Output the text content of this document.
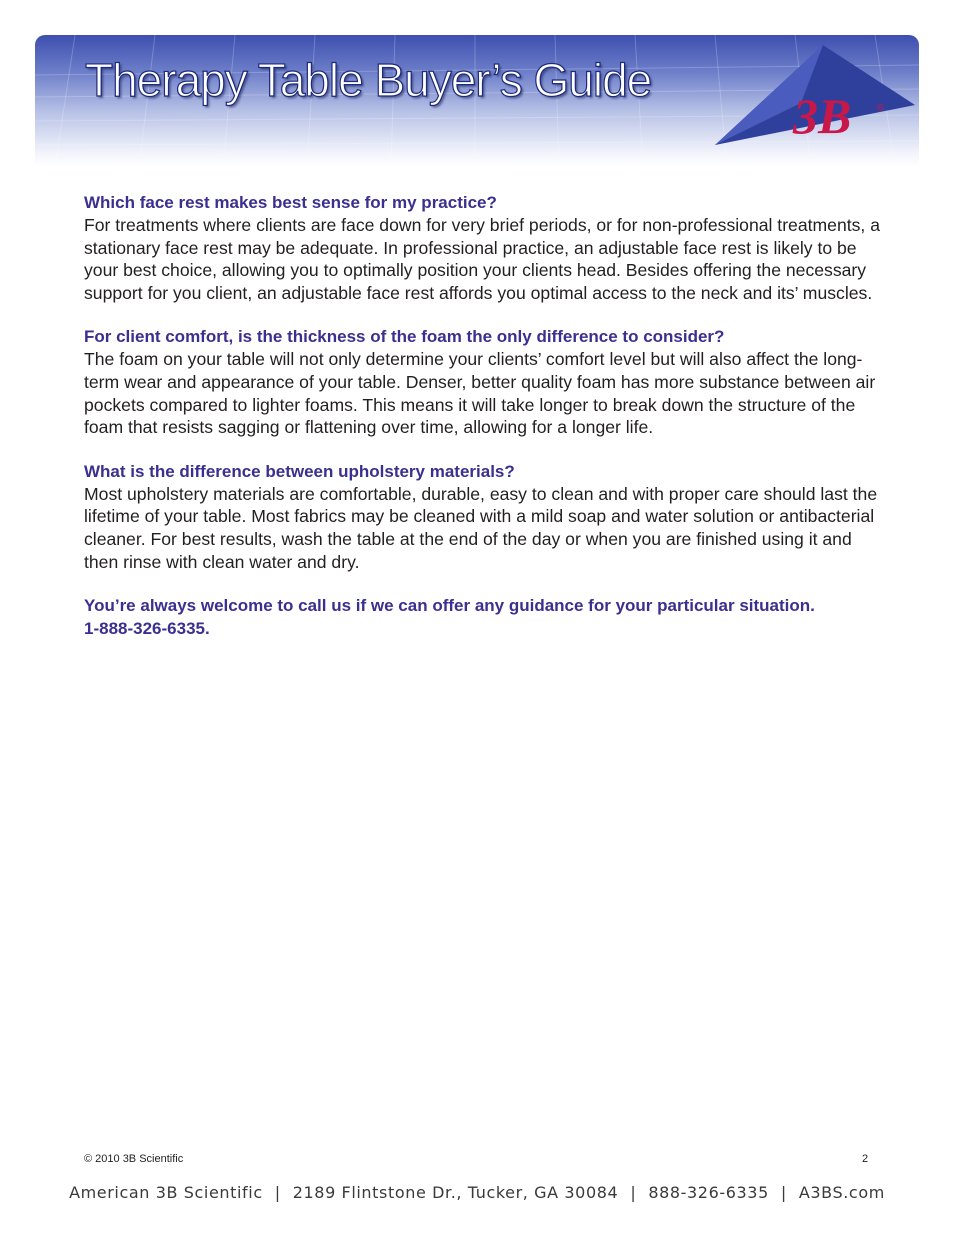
Therapy Table Buyer’s Guide
3B	®

Which face rest makes best sense for my practice?

For treatments where clients are face down for very brief periods, or for non-professional treatments, a stationary face rest may be adequate. In professional practice, an adjustable face rest is likely to be your best choice, allowing you to optimally position your clients head. Besides offering the necessary support for you client, an adjustable face rest affords you optimal access to the neck and its’ muscles.

For client comfort, is the thickness of the foam the only difference to consider?

The foam on your table will not only determine your clients’ comfort level but will also affect the long-term wear and appearance of your table. Denser, better quality foam has more substance between air pockets compared to lighter foams. This means it will take longer to break down the structure of the foam that resists sagging or flattening over time, allowing for a longer life.

What is the difference between upholstery materials?

Most upholstery materials are comfortable, durable, easy to clean and with proper care should last the lifetime of your table. Most fabrics may be cleaned with a mild soap and water solution or antibacterial cleaner. For best results, wash the table at the end of the day or when you are finished using it and then rinse with clean water and dry.

You’re always welcome to call us if we can offer any guidance for your particular situation. 1-888-326-6335.

© 2010 3B Scientific	2
American 3B Scientific | 2189 Flintstone Dr., Tucker, GA 30084 | 888-326-6335 | A3BS.com
